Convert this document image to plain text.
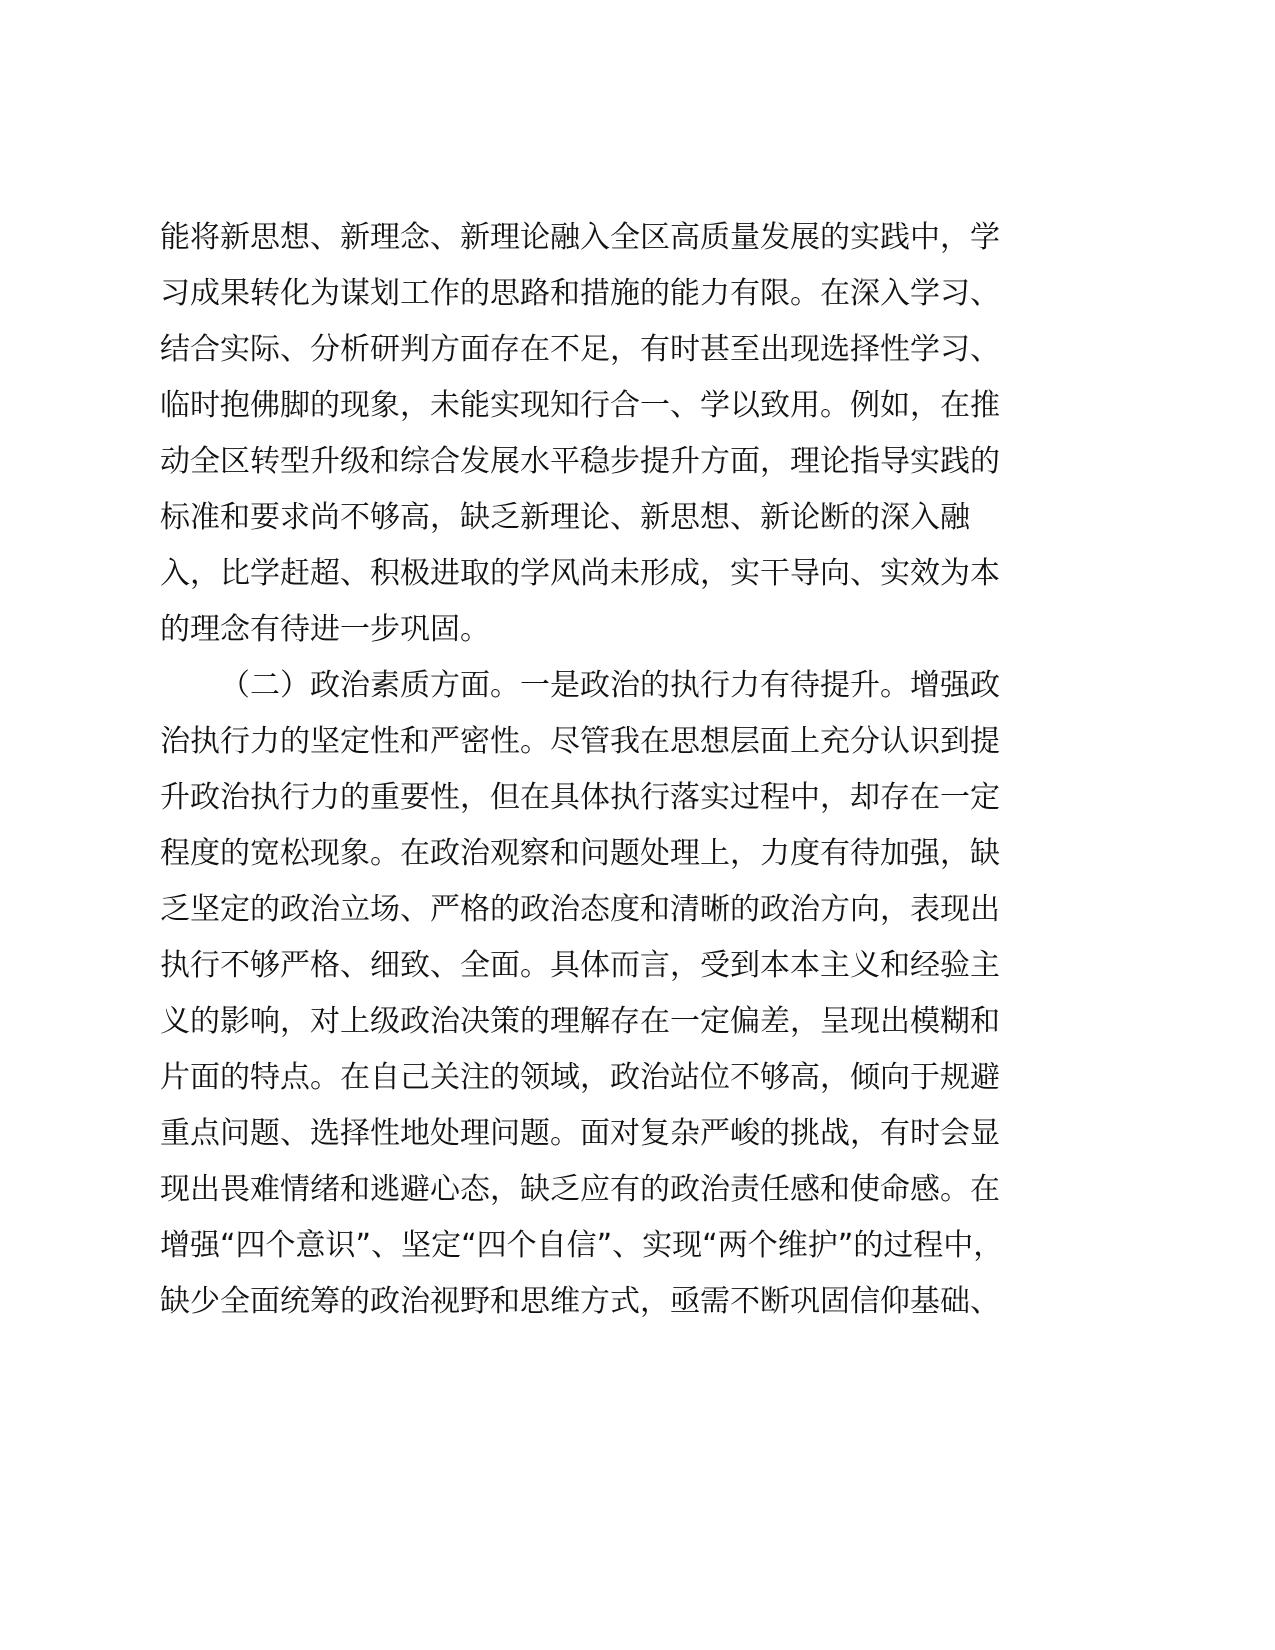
能将新思想、新理念、新理论融入全区高质量发展的实践中，学
习成果转化为谋划工作的思路和措施的能力有限。在深入学习、
结合实际、分析研判方面存在不足，有时甚至出现选择性学习、
临时抱佛脚的现象，未能实现知行合一、学以致用。例如，在推
动全区转型升级和综合发展水平稳步提升方面，理论指导实践的
标准和要求尚不够高，缺乏新理论、新思想、新论断的深入融
入，比学赶超、积极进取的学风尚未形成，实干导向、实效为本
的理念有待进一步巩固。
（二）政治素质方面。一是政治的执行力有待提升。增强政
治执行力的坚定性和严密性。尽管我在思想层面上充分认识到提
升政治执行力的重要性，但在具体执行落实过程中，却存在一定
程度的宽松现象。在政治观察和问题处理上，力度有待加强，缺
乏坚定的政治立场、严格的政治态度和清晰的政治方向，表现出
执行不够严格、细致、全面。具体而言，受到本本主义和经验主
义的影响，对上级政治决策的理解存在一定偏差，呈现出模糊和
片面的特点。在自己关注的领域，政治站位不够高，倾向于规避
重点问题、选择性地处理问题。面对复杂严峻的挑战，有时会显
现出畏难情绪和逃避心态，缺乏应有的政治责任感和使命感。在
增强“四个意识”、坚定“四个自信”、实现“两个维护”的过程中，
缺少全面统筹的政治视野和思维方式，亟需不断巩固信仰基础、
